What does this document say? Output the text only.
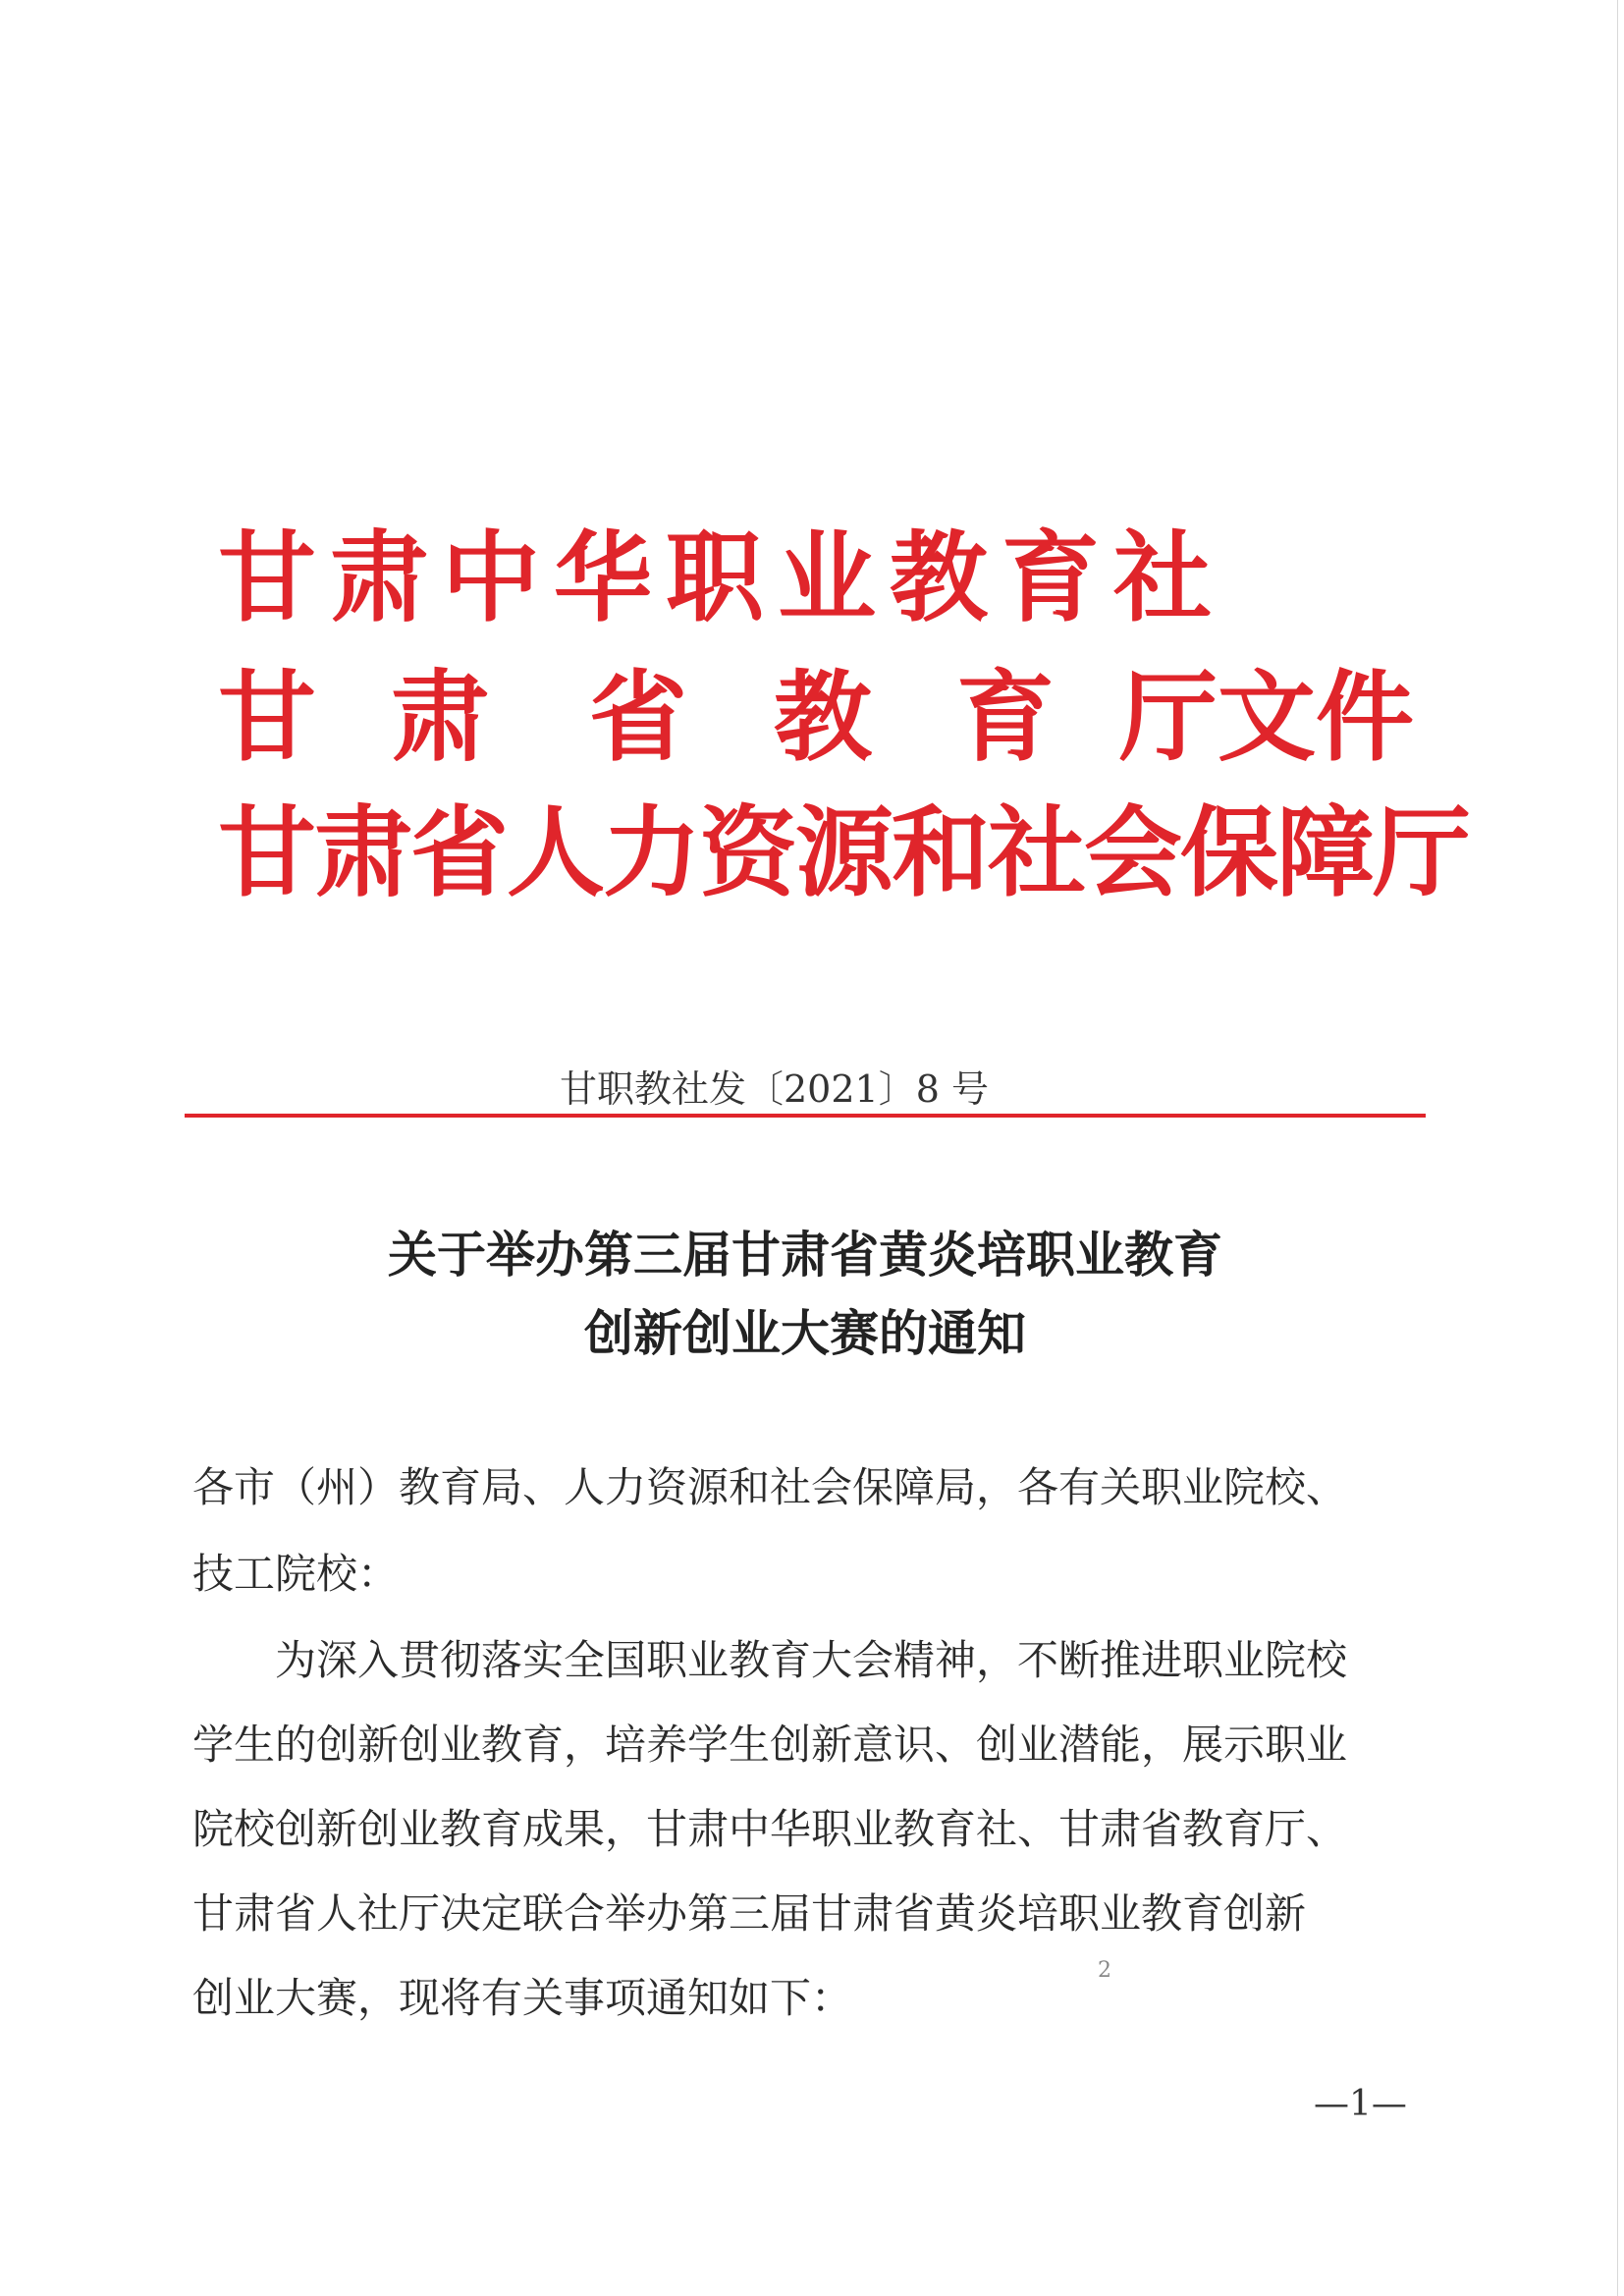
甘肃中华职业教育社
甘 肃 省 教 育 厅文件
甘肃省人力资源和社会保障厅
甘职教社发〔2021〕8 号
关于举办第三届甘肃省黄炎培职业教育
创新创业大赛的通知
各市（州）教育局、人力资源和社会保障局，各有关职业院校、
技工院校：
　　为深入贯彻落实全国职业教育大会精神，不断推进职业院校
学生的创新创业教育，培养学生创新意识、创业潜能，展示职业
院校创新创业教育成果，甘肃中华职业教育社、甘肃省教育厅、
甘肃省人社厅决定联合举办第三届甘肃省黄炎培职业教育创新
创业大赛，现将有关事项通知如下：
2
—1—
